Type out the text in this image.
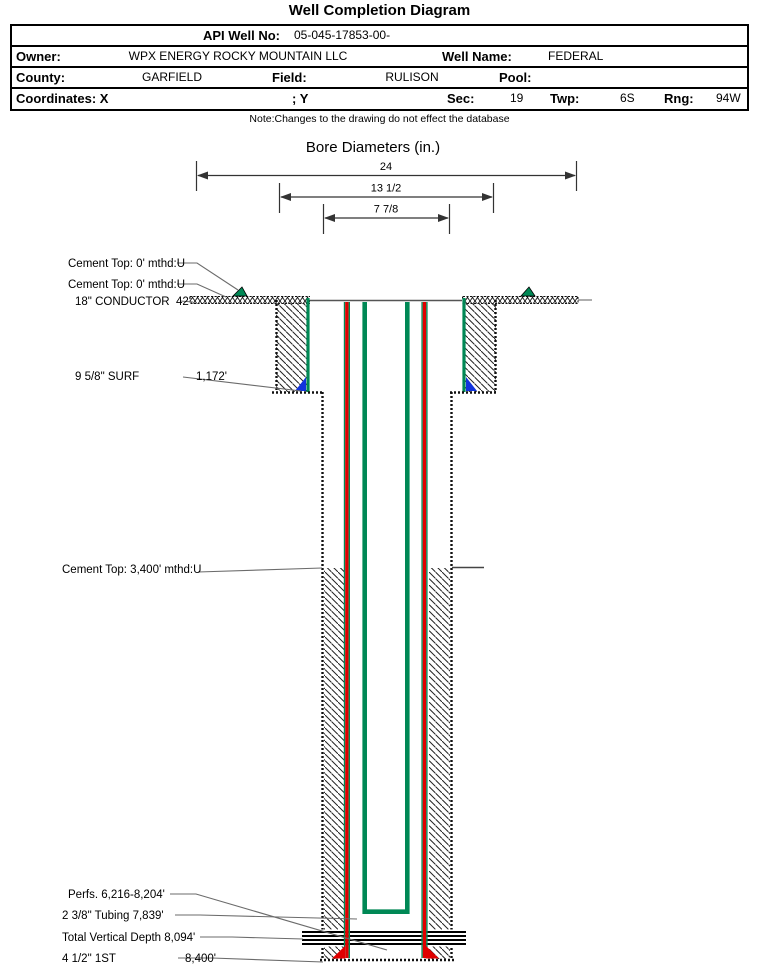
Well Completion Diagram
API Well No: 05-045-17853-00-
Owner:	WPX ENERGY ROCKY MOUNTAIN LLC	Well Name:	FEDERAL
County:	GARFIELD	Field:	RULISON	Pool:
Coordinates: X	; Y	Sec:	19 Twp:	6S Rng: 94W
Note:Changes to the drawing do not effect the database
Bore Diameters (in.)
24
13 1/2
7 7/8
Cement Top: 0' mthd:U
Cement Top: 0' mthd:U
18" CONDUCTOR  42'
9 5/8" SURF	1,172'
Cement Top: 3,400' mthd:U
Perfs. 6,216-8,204'
2 3/8" Tubing 7,839'
Total Vertical Depth 8,094'
4 1/2" 1ST	8,400'
